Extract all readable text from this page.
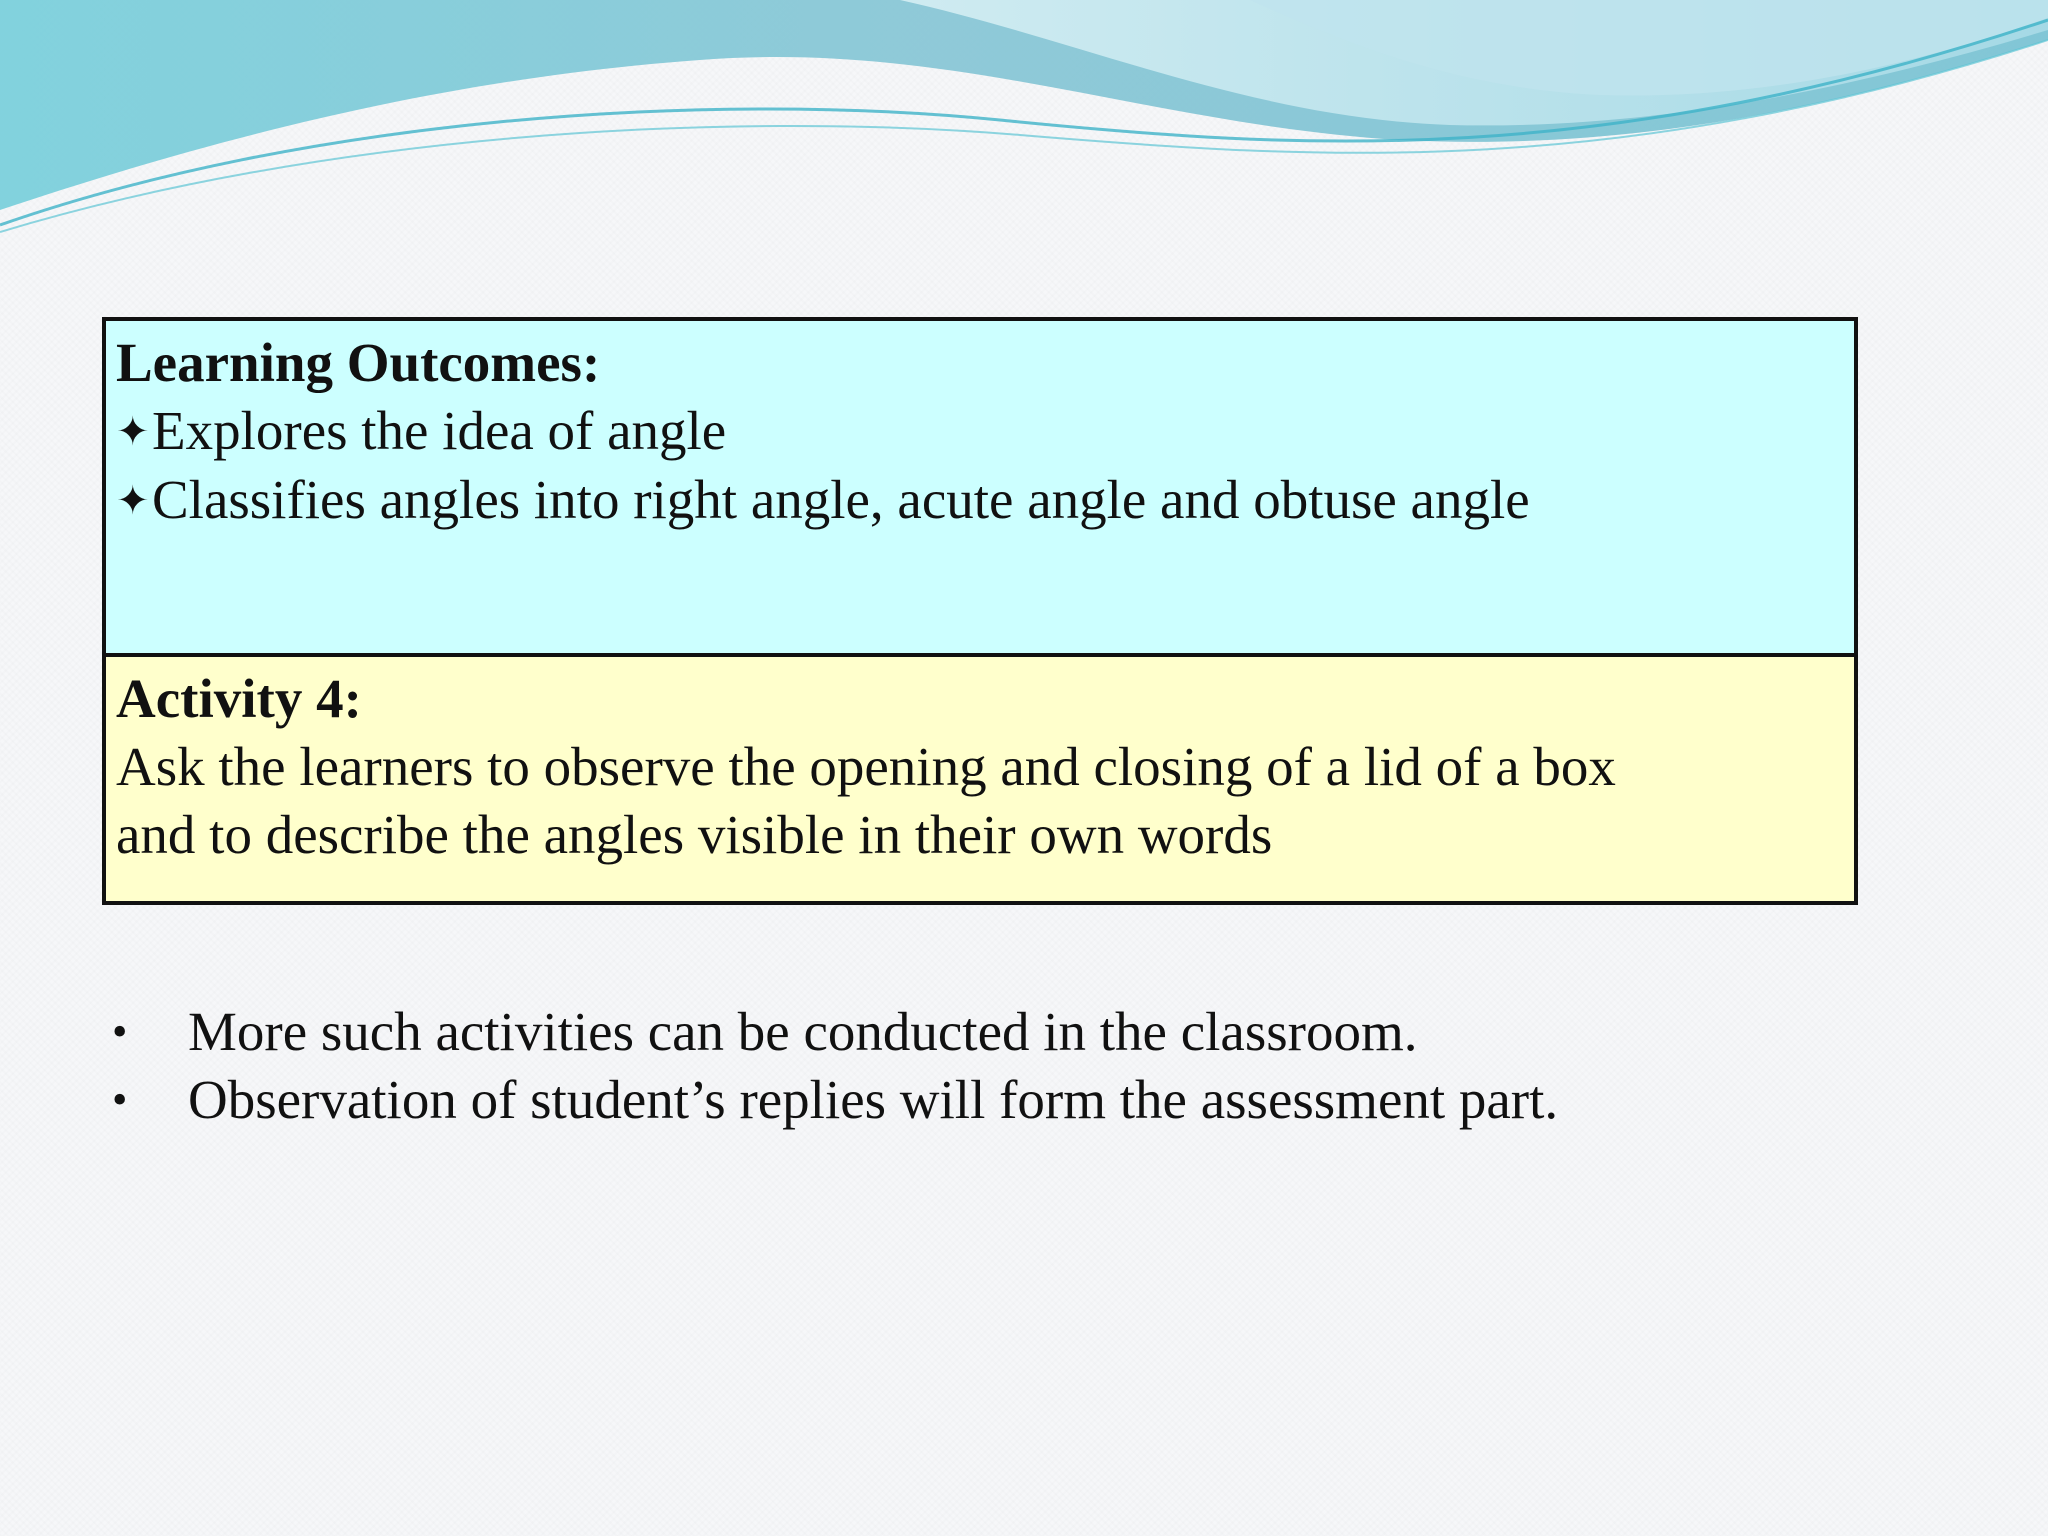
Learning Outcomes:
✦Explores the idea of angle
✦Classifies angles into right angle, acute angle and obtuse angle
Activity 4:
Ask the learners to observe the opening and closing of a lid of a box
and to describe the angles visible in their own words
• More such activities can be conducted in the classroom.
• Observation of student’s replies will form the assessment part.
